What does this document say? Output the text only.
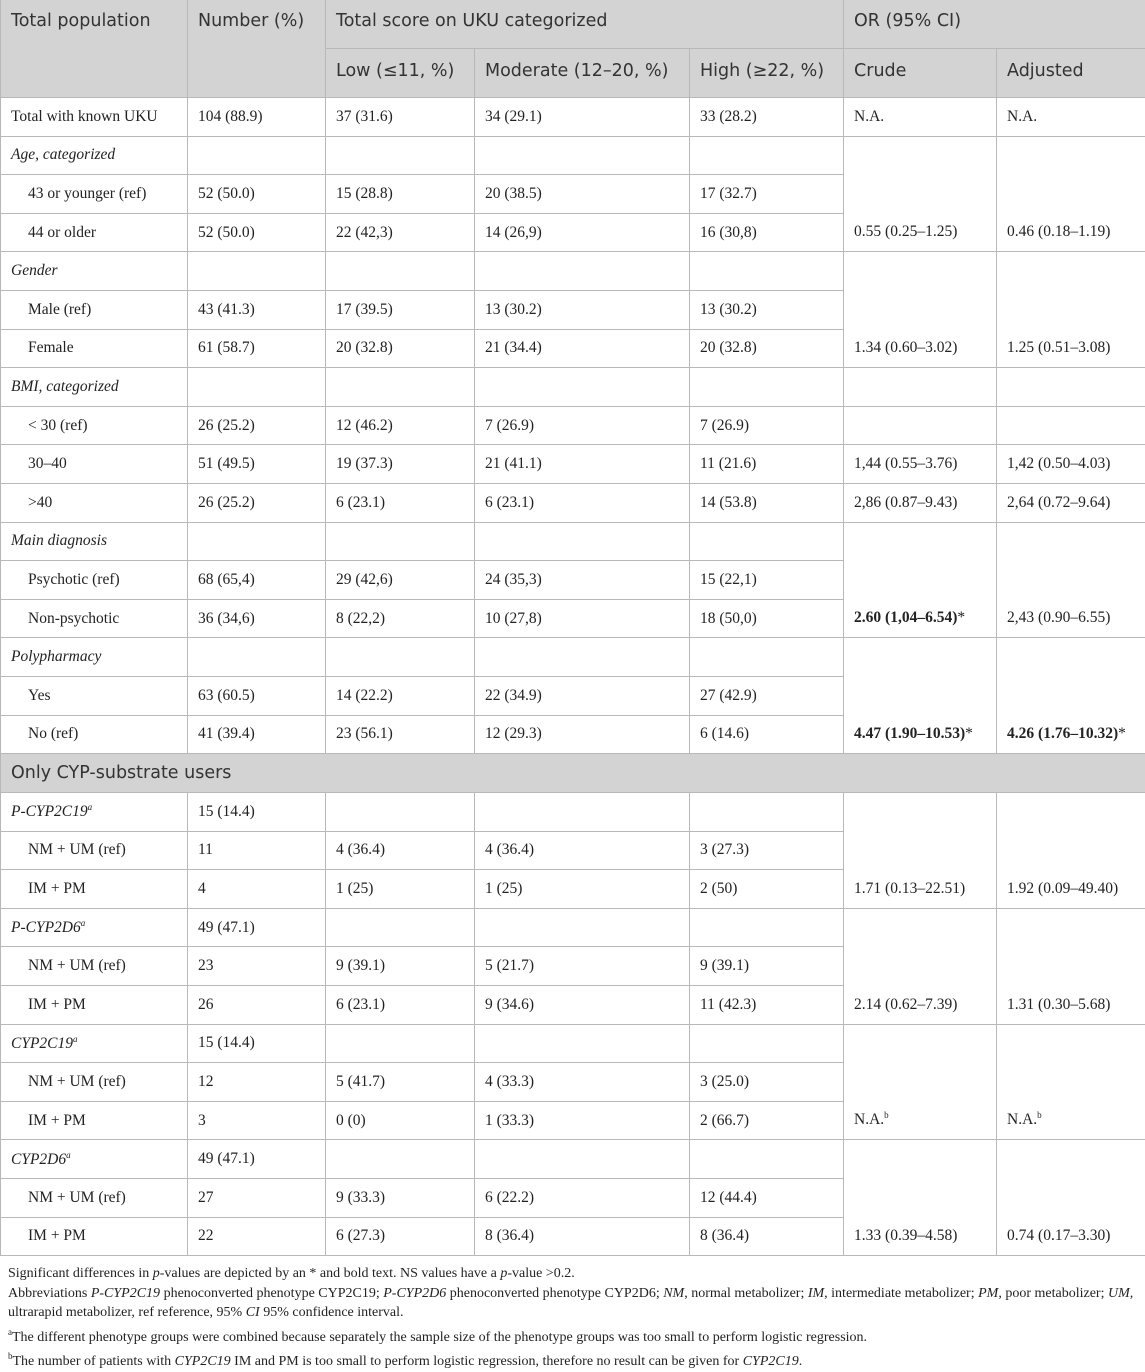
Total population	Number (%)	Total score on UKU categorized			OR (95% CI)	
		Low (≤11, %)	Moderate (12–20, %)	High (≥22, %)	Crude	Adjusted
Total with known UKU	104 (88.9)	37 (31.6)	34 (29.1)	33 (28.2)	N.A.	N.A.
Age, categorized					0.55 (0.25–1.25)	0.46 (0.18–1.19)
43 or younger (ref)	52 (50.0)	15 (28.8)	20 (38.5)	17 (32.7)		
44 or older	52 (50.0)	22 (42,3)	14 (26,9)	16 (30,8)		
Gender					1.34 (0.60–3.02)	1.25 (0.51–3.08)
Male (ref)	43 (41.3)	17 (39.5)	13 (30.2)	13 (30.2)		
Female	61 (58.7)	20 (32.8)	21 (34.4)	20 (32.8)		
BMI, categorized						
< 30 (ref)	26 (25.2)	12 (46.2)	7 (26.9)	7 (26.9)		
30–40	51 (49.5)	19 (37.3)	21 (41.1)	11 (21.6)	1,44 (0.55–3.76)	1,42 (0.50–4.03)
>40	26 (25.2)	6 (23.1)	6 (23.1)	14 (53.8)	2,86 (0.87–9.43)	2,64 (0.72–9.64)
Main diagnosis					2.60 (1,04–6.54)*	2,43 (0.90–6.55)
Psychotic (ref)	68 (65,4)	29 (42,6)	24 (35,3)	15 (22,1)		
Non-psychotic	36 (34,6)	8 (22,2)	10 (27,8)	18 (50,0)		
Polypharmacy					4.47 (1.90–10.53)*	4.26 (1.76–10.32)*
Yes	63 (60.5)	14 (22.2)	22 (34.9)	27 (42.9)		
No (ref)	41 (39.4)	23 (56.1)	12 (29.3)	6 (14.6)		
Only CYP-substrate users						
P-CYP2C19$^a$	15 (14.4)				1.71 (0.13–22.51)	1.92 (0.09–49.40)
NM + UM (ref)	11	4 (36.4)	4 (36.4)	3 (27.3)		
IM + PM	4	1 (25)	1 (25)	2 (50)		
P-CYP2D6$^a$	49 (47.1)				2.14 (0.62–7.39)	1.31 (0.30–5.68)
NM + UM (ref)	23	9 (39.1)	5 (21.7)	9 (39.1)		
IM + PM	26	6 (23.1)	9 (34.6)	11 (42.3)		
CYP2C19$^a$	15 (14.4)				N.A.$^b$	N.A.$^b$
NM + UM (ref)	12	5 (41.7)	4 (33.3)	3 (25.0)		
IM + PM	3	0 (0)	1 (33.3)	2 (66.7)		
CYP2D6$^a$	49 (47.1)				1.33 (0.39–4.58)	0.74 (0.17–3.30)
NM + UM (ref)	27	9 (33.3)	6 (22.2)	12 (44.4)		
IM + PM	22	6 (27.3)	8 (36.4)	8 (36.4)		

Significant differences in p-values are depicted by an * and bold text. NS values have a p-value >0.2.

Abbreviations P-CYP2C19 phenoconverted phenotype CYP2C19; P-CYP2D6 phenoconverted phenotype CYP2D6; NM, normal metabolizer; IM, intermediate metabolizer; PM, poor metabolizer; UM, ultrarapid metabolizer, ref reference, 95% CI 95% confidence interval.

$^a$The different phenotype groups were combined because separately the sample size of the phenotype groups was too small to perform logistic regression.

$^b$The number of patients with CYP2C19 IM and PM is too small to perform logistic regression, therefore no result can be given for CYP2C19.
